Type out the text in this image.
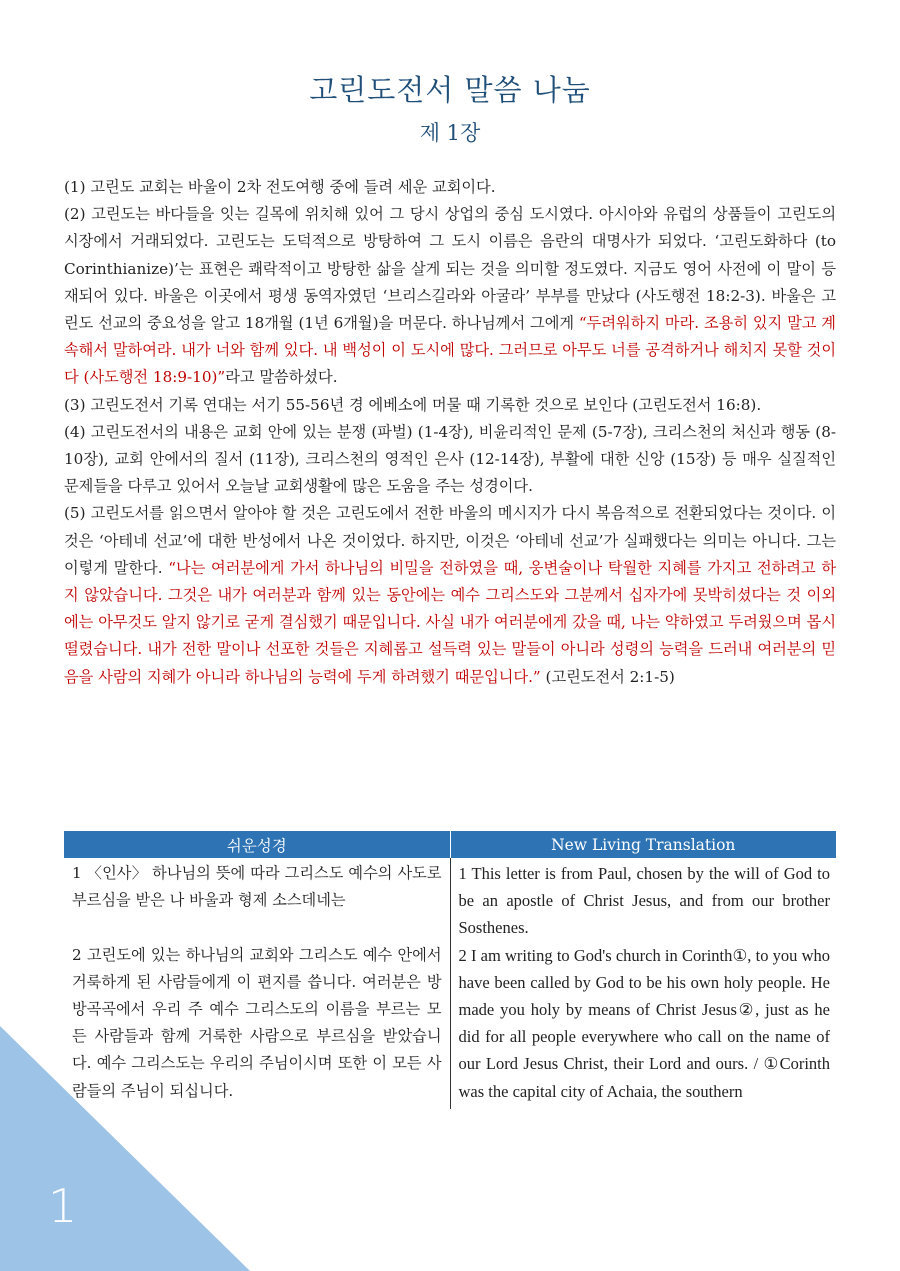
1
고린도전서 말씀 나눔
제 1장

(1) 고린도 교회는 바울이 2차 전도여행 중에 들려 세운 교회이다.

(2) 고린도는 바다들을 잇는 길목에 위치해 있어 그 당시 상업의 중심 도시였다. 아시아와 유럽의 상품들이 고린도의 시장에서 거래되었다. 고린도는 도덕적으로 방탕하여 그 도시 이름은 음란의 대명사가 되었다. ‘고린도화하다 (to Corinthianize)’는 표현은 쾌락적이고 방탕한 삶을 살게 되는 것을 의미할 정도였다. 지금도 영어 사전에 이 말이 등재되어 있다. 바울은 이곳에서 평생 동역자였던 ‘브리스길라와 아굴라’ 부부를 만났다 (사도행전 18:2-3). 바울은 고린도 선교의 중요성을 알고 18개월 (1년 6개월)을 머문다. 하나님께서 그에게 “두려워하지 마라. 조용히 있지 말고 계속해서 말하여라. 내가 너와 함께 있다. 내 백성이 이 도시에 많다. 그러므로 아무도 너를 공격하거나 해치지 못할 것이다 (사도행전 18:9-10)”라고 말씀하셨다.

(3) 고린도전서 기록 연대는 서기 55-56년 경 에베소에 머물 때 기록한 것으로 보인다 (고린도전서 16:8).

(4) 고린도전서의 내용은 교회 안에 있는 분쟁 (파벌) (1-4장), 비윤리적인 문제 (5-7장), 크리스천의 처신과 행동 (8-10장), 교회 안에서의 질서 (11장), 크리스천의 영적인 은사 (12-14장), 부활에 대한 신앙 (15장) 등 매우 실질적인 문제들을 다루고 있어서 오늘날 교회생활에 많은 도움을 주는 성경이다.

(5) 고린도서를 읽으면서 알아야 할 것은 고린도에서 전한 바울의 메시지가 다시 복음적으로 전환되었다는 것이다. 이것은 ‘아테네 선교’에 대한 반성에서 나온 것이었다. 하지만, 이것은 ‘아테네 선교’가 실패했다는 의미는 아니다. 그는 이렇게 말한다. “나는 여러분에게 가서 하나님의 비밀을 전하였을 때, 웅변술이나 탁월한 지혜를 가지고 전하려고 하지 않았습니다. 그것은 내가 여러분과 함께 있는 동안에는 예수 그리스도와 그분께서 십자가에 못박히셨다는 것 이외에는 아무것도 알지 않기로 굳게 결심했기 때문입니다. 사실 내가 여러분에게 갔을 때, 나는 약하였고 두려웠으며 몹시 떨렸습니다. 내가 전한 말이나 선포한 것들은 지혜롭고 설득력 있는 말들이 아니라 성령의 능력을 드러내 여러분의 믿음을 사람의 지혜가 아니라 하나님의 능력에 두게 하려했기 때문입니다.” (고린도전서 2:1-5)

쉬운성경	New Living Translation
1 〈인사〉 하나님의 뜻에 따라 그리스도 예수의 사도로 부르심을 받은 나 바울과 형제 소스데네는	1 This letter is from Paul, chosen by the will of God to be an apostle of Christ Jesus, and from our brother Sosthenes.
2 고린도에 있는 하나님의 교회와 그리스도 예수 안에서 거룩하게 된 사람들에게 이 편지를 씁니다. 여러분은 방방곡곡에서 우리 주 예수 그리스도의 이름을 부르는 모든 사람들과 함께 거룩한 사람으로 부르심을 받았습니다. 예수 그리스도는 우리의 주님이시며 또한 이 모든 사람들의 주님이 되십니다.	2 I am writing to God's church in Corinth①, to you who have been called by God to be his own holy people. He made you holy by means of Christ Jesus②, just as he did for all people everywhere who call on the name of our Lord Jesus Christ, their Lord and ours. / ①Corinth was the capital city of Achaia, the southern
